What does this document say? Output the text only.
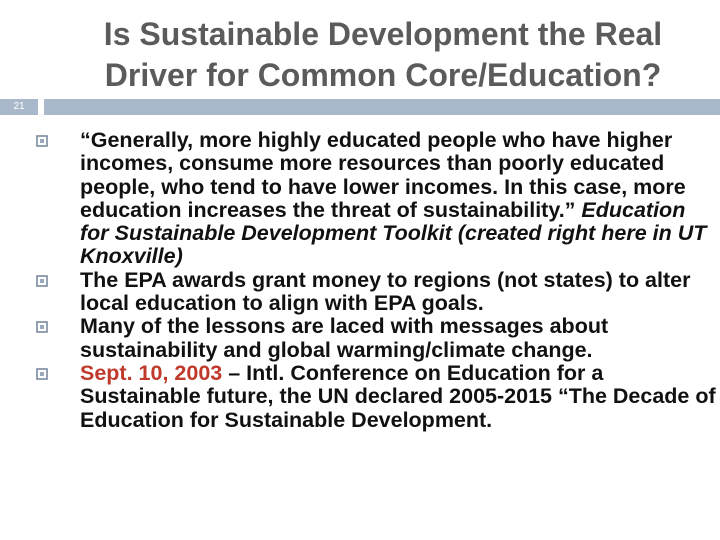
Is Sustainable Development the Real
Driver for Common Core/Education?
21
“Generally, more highly educated people who have higher incomes, consume more resources than poorly educated people, who tend to have lower incomes. In this case, more education increases the threat of sustainability.” Education for Sustainable Development Toolkit (created right here in UT Knoxville)
The EPA awards grant money to regions (not states) to alter local education to align with EPA goals.
Many of the lessons are laced with messages about sustainability and global warming/climate change.
Sept. 10, 2003 – Intl. Conference on Education for a Sustainable future, the UN declared 2005-2015 “The Decade of Education for Sustainable Development.
